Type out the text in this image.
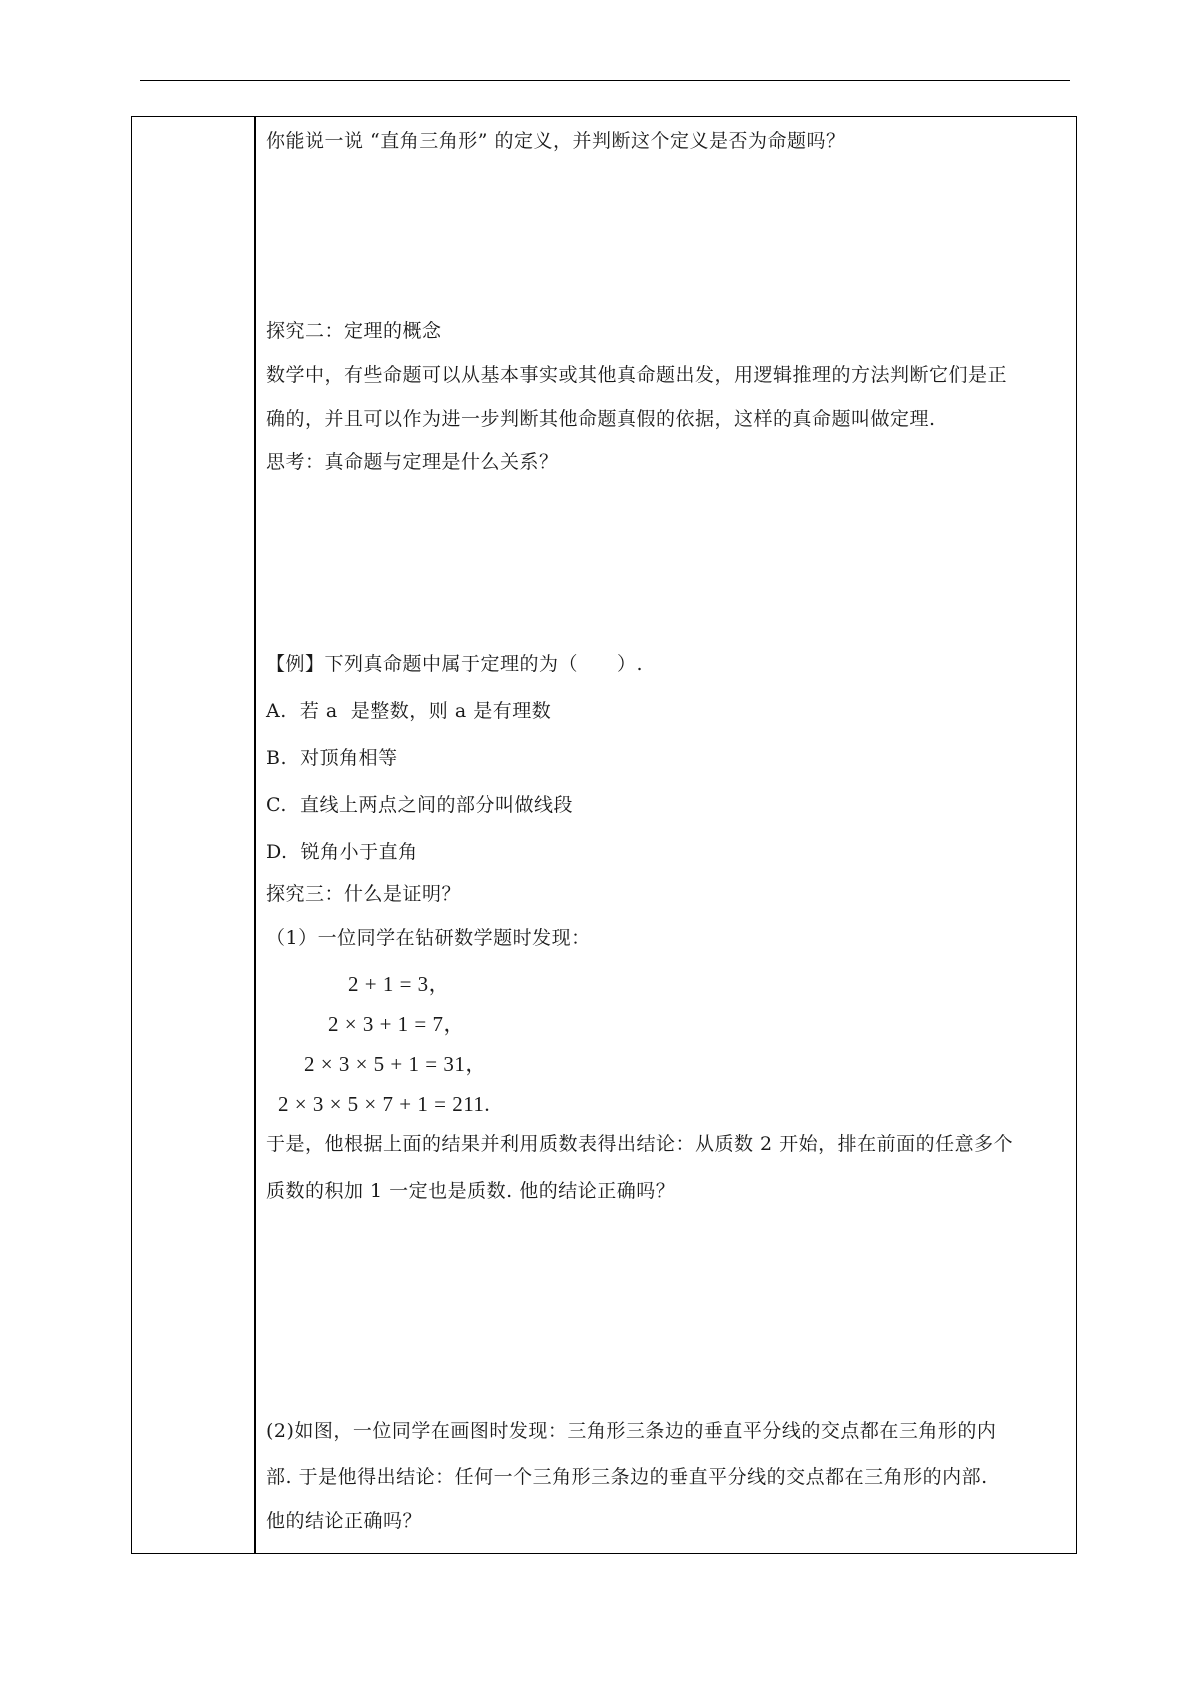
你能说一说 “直角三角形” 的定义，并判断这个定义是否为命题吗？
探究二：定理的概念
数学中，有些命题可以从基本事实或其他真命题出发，用逻辑推理的方法判断它们是正
确的，并且可以作为进一步判断其他命题真假的依据，这样的真命题叫做定理.
思考：真命题与定理是什么关系？
【例】下列真命题中属于定理的为（　　）.
A.  若 a  是整数，则 a 是有理数
B.  对顶角相等
C.  直线上两点之间的部分叫做线段
D.  锐角小于直角
探究三：什么是证明？
（1）一位同学在钻研数学题时发现：
2 + 1 = 3，
2 × 3 + 1 = 7，
2 × 3 × 5 + 1 = 31，
2 × 3 × 5 × 7 + 1 = 211.
于是，他根据上面的结果并利用质数表得出结论：从质数 2 开始，排在前面的任意多个
质数的积加 1 一定也是质数. 他的结论正确吗？
(2)如图，一位同学在画图时发现：三角形三条边的垂直平分线的交点都在三角形的内
部. 于是他得出结论：任何一个三角形三条边的垂直平分线的交点都在三角形的内部.
他的结论正确吗？
